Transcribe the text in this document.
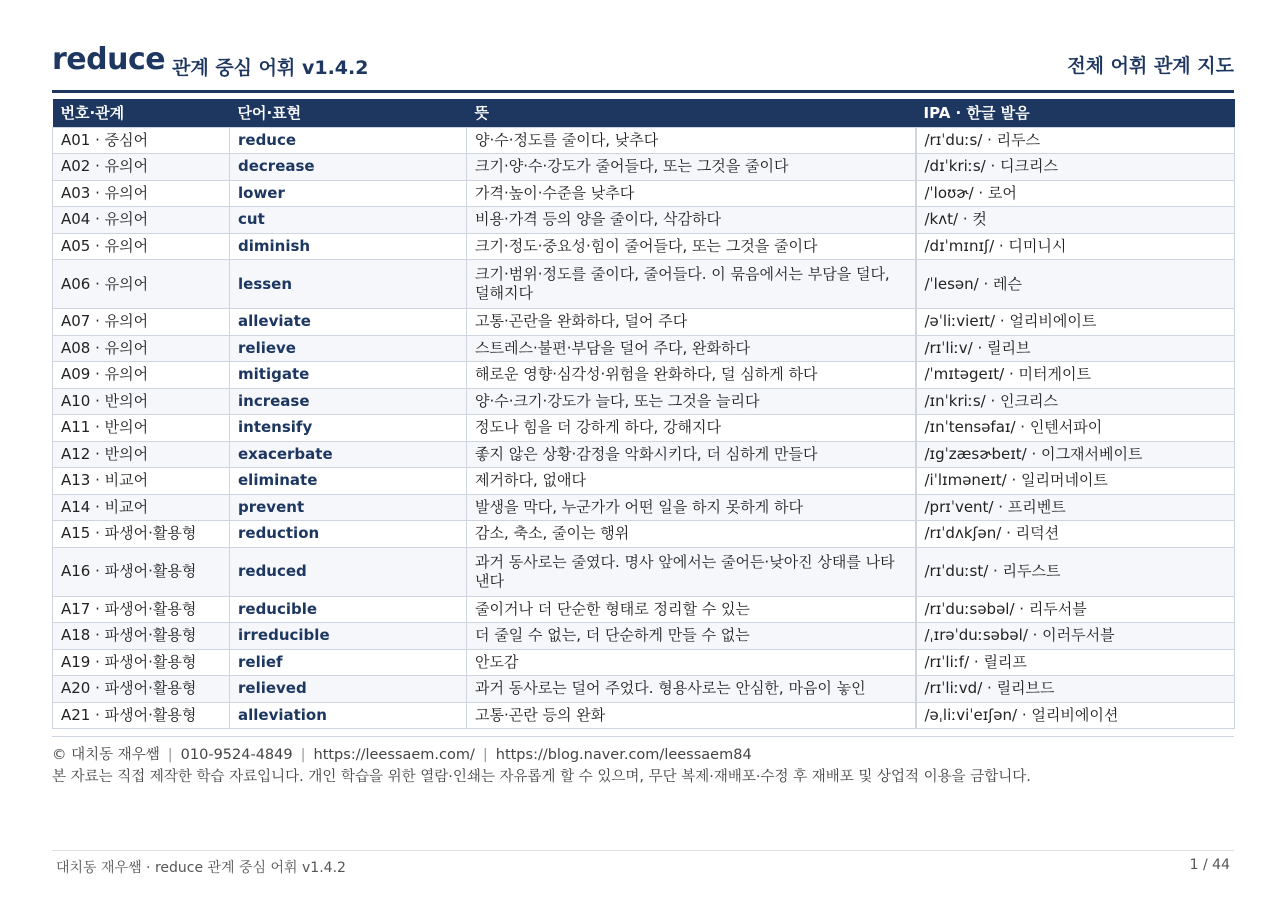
reduce 관계 중심 어휘 v1.4.2	전체 어휘 관계 지도
번호·관계	단어·표현	뜻	IPA · 한글 발음
A01 · 중심어	reduce	양·수·정도를 줄이다, 낮추다	/rɪˈduːs/ · 리두스
A02 · 유의어	decrease	크기·양·수·강도가 줄어들다, 또는 그것을 줄이다	/dɪˈkriːs/ · 디크리스
A03 · 유의어	lower	가격·높이·수준을 낮추다	/ˈloʊɚ/ · 로어
A04 · 유의어	cut	비용·가격 등의 양을 줄이다, 삭감하다	/kʌt/ · 컷
A05 · 유의어	diminish	크기·정도·중요성·힘이 줄어들다, 또는 그것을 줄이다	/dɪˈmɪnɪʃ/ · 디미니시
A06 · 유의어	lessen	크기·범위·정도를 줄이다, 줄어들다. 이 묶음에서는 부담을 덜다, 덜해지다	/ˈlesən/ · 레슨
A07 · 유의어	alleviate	고통·곤란을 완화하다, 덜어 주다	/əˈliːvieɪt/ · 얼리비에이트
A08 · 유의어	relieve	스트레스·불편·부담을 덜어 주다, 완화하다	/rɪˈliːv/ · 릴리브
A09 · 유의어	mitigate	해로운 영향·심각성·위험을 완화하다, 덜 심하게 하다	/ˈmɪtəgeɪt/ · 미터게이트
A10 · 반의어	increase	양·수·크기·강도가 늘다, 또는 그것을 늘리다	/ɪnˈkriːs/ · 인크리스
A11 · 반의어	intensify	정도나 힘을 더 강하게 하다, 강해지다	/ɪnˈtensəfaɪ/ · 인텐서파이
A12 · 반의어	exacerbate	좋지 않은 상황·감정을 악화시키다, 더 심하게 만들다	/ɪgˈzæsɚbeɪt/ · 이그재서베이트
A13 · 비교어	eliminate	제거하다, 없애다	/iˈlɪməneɪt/ · 일리머네이트
A14 · 비교어	prevent	발생을 막다, 누군가가 어떤 일을 하지 못하게 하다	/prɪˈvent/ · 프리벤트
A15 · 파생어·활용형	reduction	감소, 축소, 줄이는 행위	/rɪˈdʌkʃən/ · 리덕션
A16 · 파생어·활용형	reduced	과거 동사로는 줄였다. 명사 앞에서는 줄어든·낮아진 상태를 나타낸다	/rɪˈduːst/ · 리두스트
A17 · 파생어·활용형	reducible	줄이거나 더 단순한 형태로 정리할 수 있는	/rɪˈduːsəbəl/ · 리두서블
A18 · 파생어·활용형	irreducible	더 줄일 수 없는, 더 단순하게 만들 수 없는	/ˌɪrəˈduːsəbəl/ · 이러두서블
A19 · 파생어·활용형	relief	안도감	/rɪˈliːf/ · 릴리프
A20 · 파생어·활용형	relieved	과거 동사로는 덜어 주었다. 형용사로는 안심한, 마음이 놓인	/rɪˈliːvd/ · 릴리브드
A21 · 파생어·활용형	alleviation	고통·곤란 등의 완화	/əˌliːviˈeɪʃən/ · 얼리비에이션
© 대치동 재우쌤 | 010-9524-4849 | https://leessaem.com/ | https://blog.naver.com/leessaem84
본 자료는 직접 제작한 학습 자료입니다. 개인 학습을 위한 열람·인쇄는 자유롭게 할 수 있으며, 무단 복제·재배포·수정 후 재배포 및 상업적 이용을 금합니다.
대치동 재우쌤 · reduce 관계 중심 어휘 v1.4.2	1 / 44
